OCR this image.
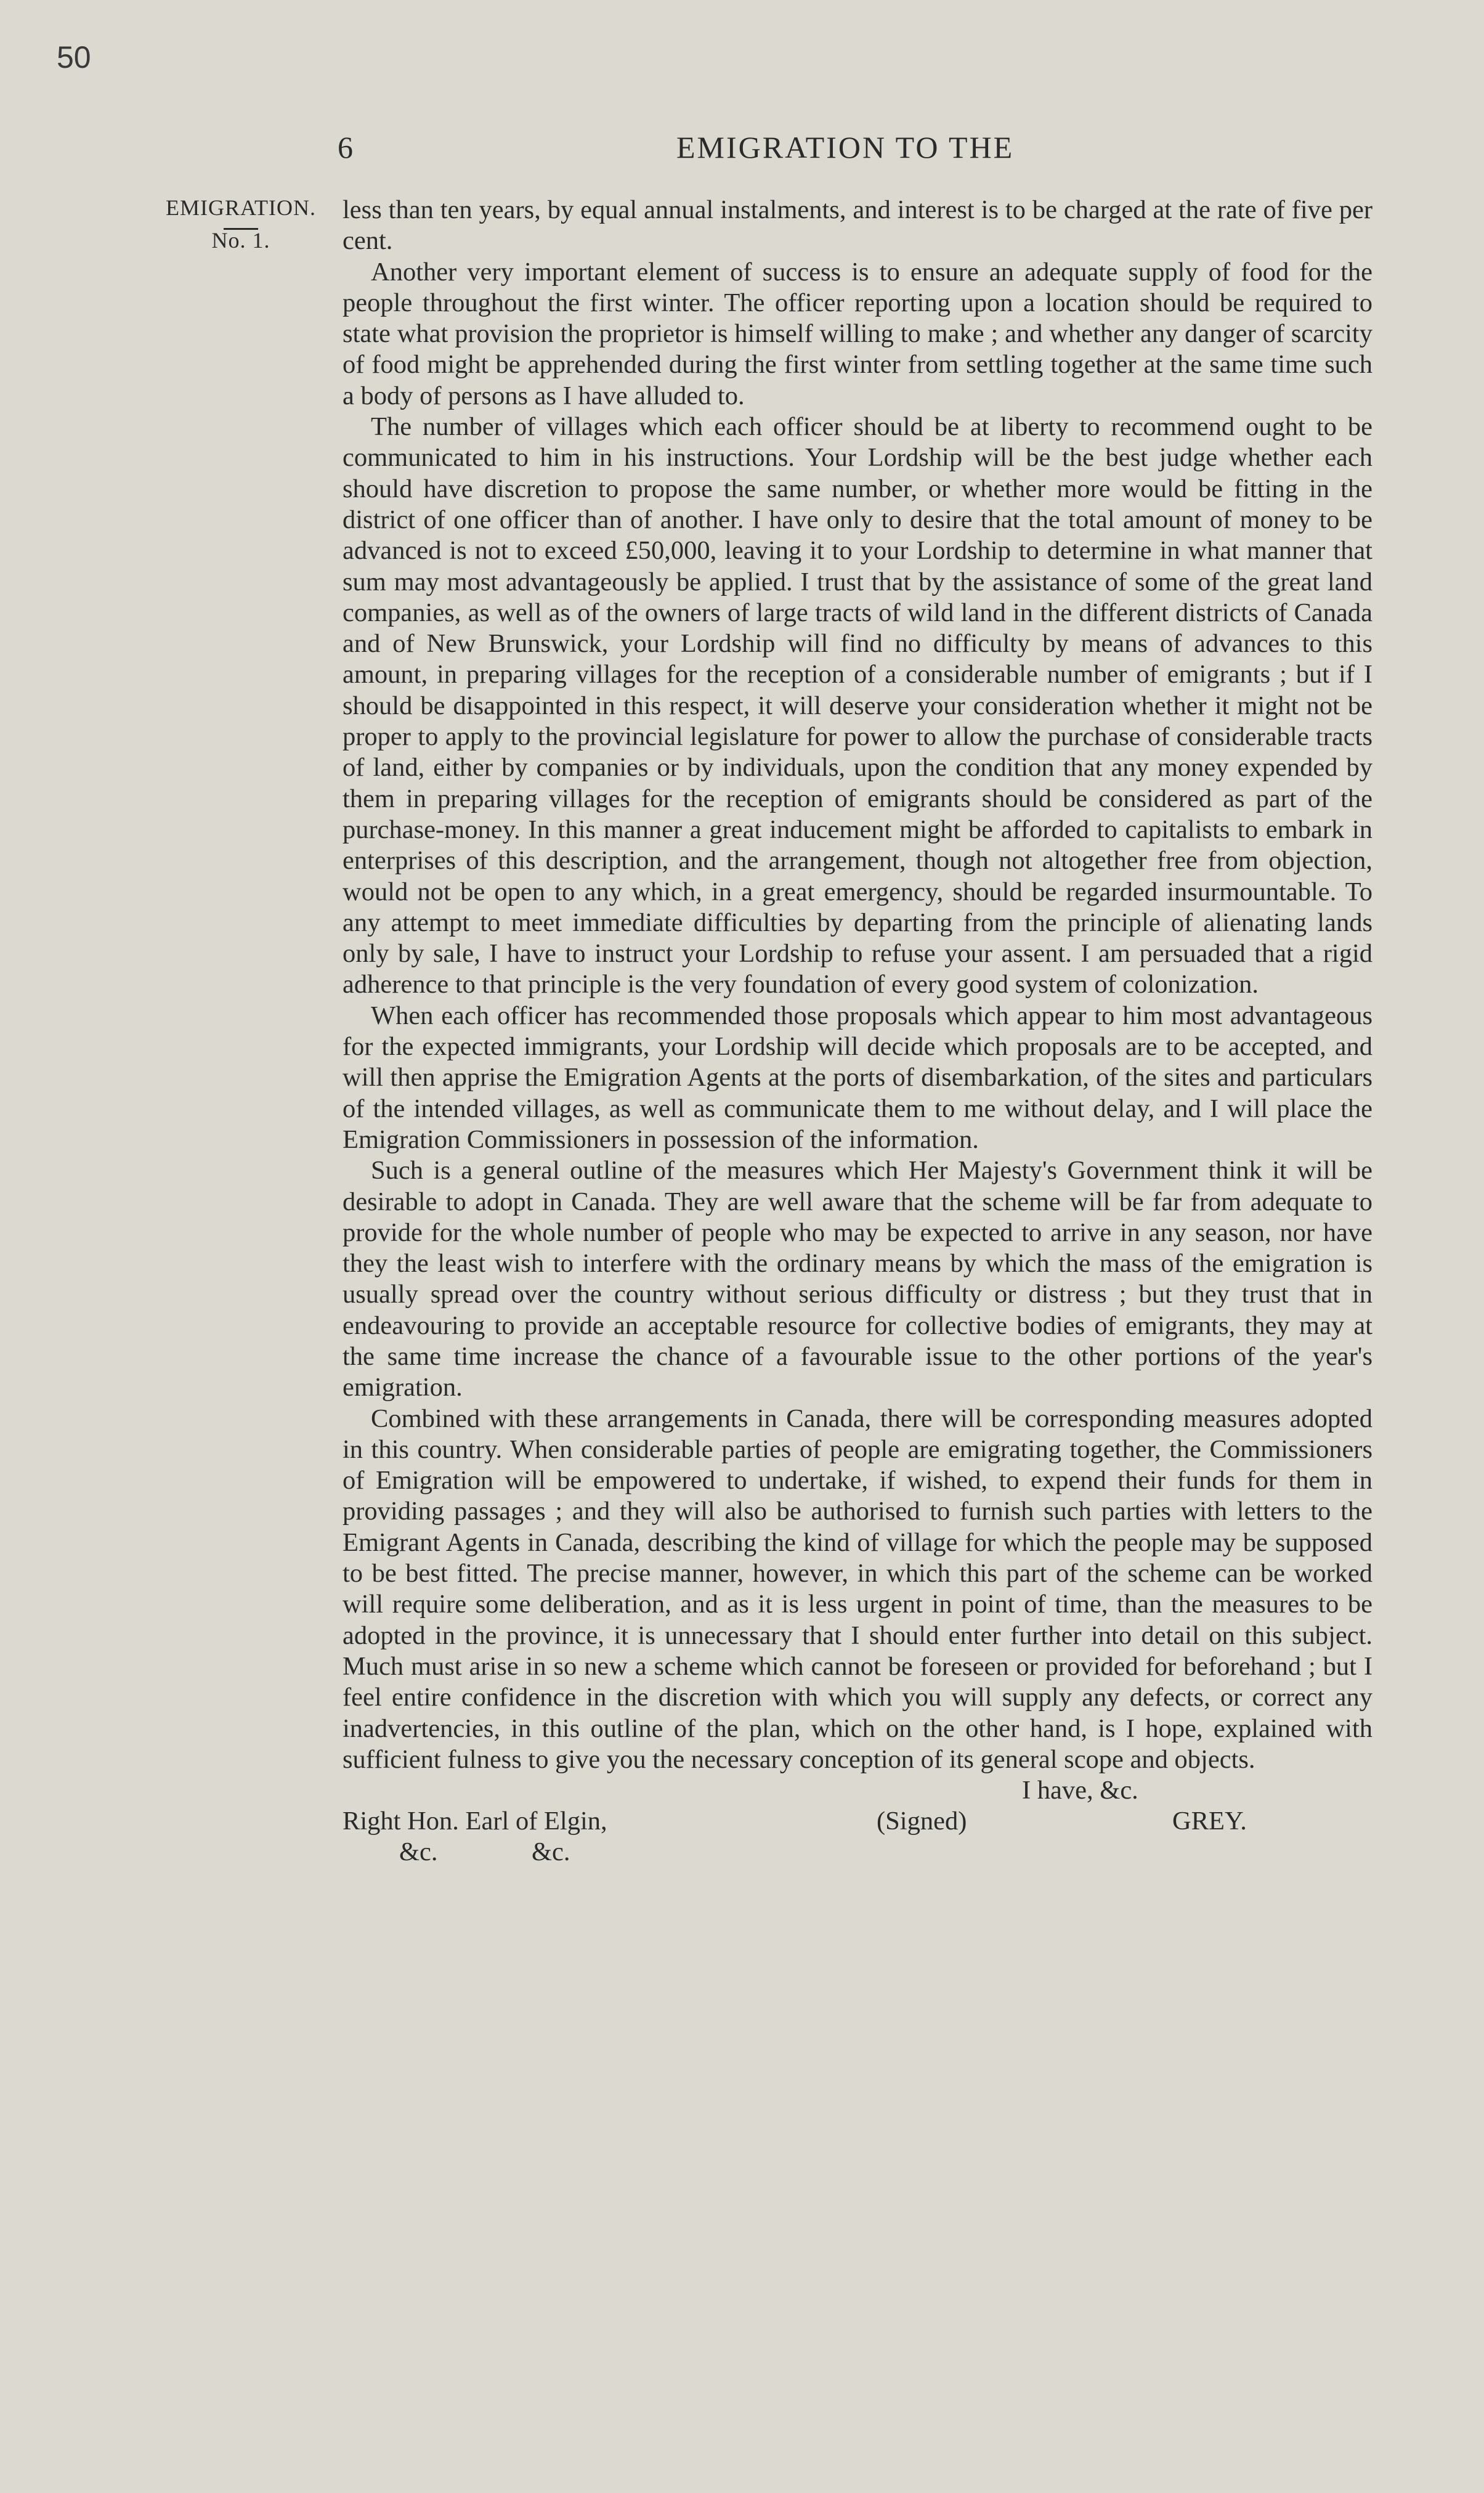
50
6	EMIGRATION TO THE
EMIGRATION.
No. 1.

less than ten years, by equal annual instalments, and interest is to be charged at the rate of five per cent.

Another very important element of success is to ensure an adequate supply of food for the people throughout the first winter. The officer reporting upon a location should be required to state what provision the proprietor is himself willing to make ; and whether any danger of scarcity of food might be apprehended during the first winter from settling together at the same time such a body of persons as I have alluded to.

The number of villages which each officer should be at liberty to recommend ought to be communicated to him in his instructions. Your Lordship will be the best judge whether each should have discretion to propose the same number, or whether more would be fitting in the district of one officer than of another. I have only to desire that the total amount of money to be advanced is not to exceed £50,000, leaving it to your Lordship to determine in what manner that sum may most advantageously be applied. I trust that by the assistance of some of the great land companies, as well as of the owners of large tracts of wild land in the different districts of Canada and of New Brunswick, your Lordship will find no difficulty by means of advances to this amount, in preparing villages for the reception of a considerable number of emigrants ; but if I should be disappointed in this respect, it will deserve your consideration whether it might not be proper to apply to the provincial legislature for power to allow the purchase of considerable tracts of land, either by companies or by individuals, upon the condition that any money expended by them in preparing villages for the reception of emigrants should be considered as part of the purchase-money. In this manner a great inducement might be afforded to capitalists to embark in enterprises of this description, and the arrangement, though not altogether free from objection, would not be open to any which, in a great emergency, should be regarded insurmountable. To any attempt to meet immediate difficulties by departing from the principle of alienating lands only by sale, I have to instruct your Lordship to refuse your assent. I am persuaded that a rigid adherence to that principle is the very foundation of every good system of colonization.

When each officer has recommended those proposals which appear to him most advantageous for the expected immigrants, your Lordship will decide which proposals are to be accepted, and will then apprise the Emigration Agents at the ports of disembarkation, of the sites and particulars of the intended villages, as well as communicate them to me without delay, and I will place the Emigration Commissioners in possession of the information.

Such is a general outline of the measures which Her Majesty's Government think it will be desirable to adopt in Canada. They are well aware that the scheme will be far from adequate to provide for the whole number of people who may be expected to arrive in any season, nor have they the least wish to interfere with the ordinary means by which the mass of the emigration is usually spread over the country without serious difficulty or distress ; but they trust that in endeavouring to provide an acceptable resource for collective bodies of emigrants, they may at the same time increase the chance of a favourable issue to the other portions of the year's emigration.

Combined with these arrangements in Canada, there will be corresponding measures adopted in this country. When considerable parties of people are emigrating together, the Commissioners of Emigration will be empowered to undertake, if wished, to expend their funds for them in providing passages ; and they will also be authorised to furnish such parties with letters to the Emigrant Agents in Canada, describing the kind of village for which the people may be supposed to be best fitted. The precise manner, however, in which this part of the scheme can be worked will require some deliberation, and as it is less urgent in point of time, than the measures to be adopted in the province, it is unnecessary that I should enter further into detail on this subject. Much must arise in so new a scheme which cannot be foreseen or provided for beforehand ; but I feel entire confidence in the discretion with which you will supply any defects, or correct any inadvertencies, in this outline of the plan, which on the other hand, is I hope, explained with sufficient fulness to give you the necessary conception of its general scope and objects.

I have, &c.
Right Hon. Earl of Elgin,	(Signed)	GREY.
&c.	&c.
